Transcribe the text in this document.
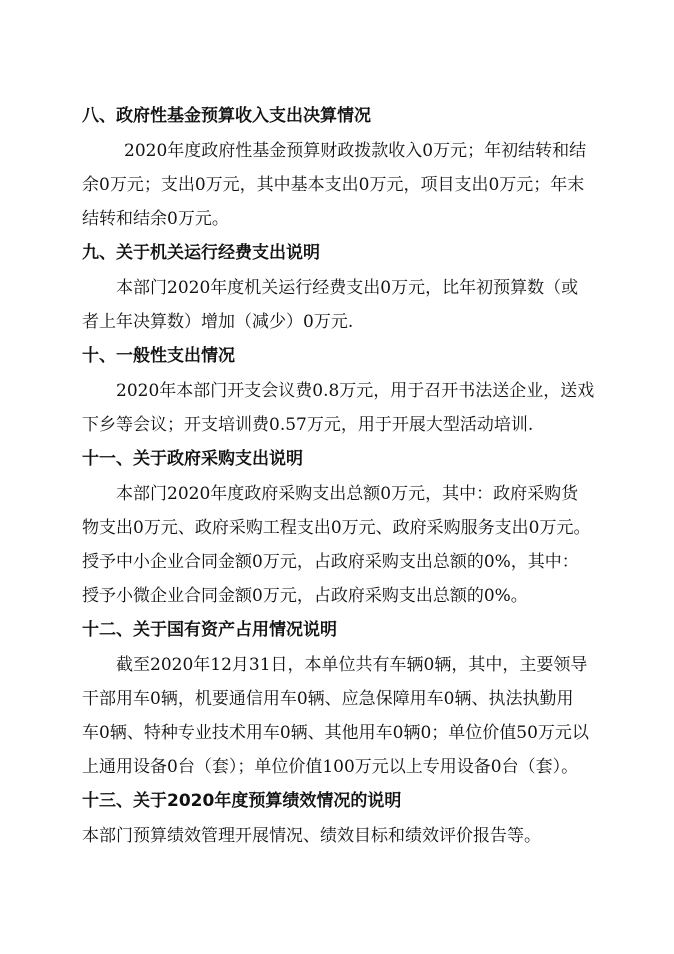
八、政府性基金预算收入支出决算情况
2020年度政府性基金预算财政拨款收入0万元；年初结转和结
余0万元；支出0万元，其中基本支出0万元，项目支出0万元；年末
结转和结余0万元。
九、关于机关运行经费支出说明
本部门2020年度机关运行经费支出0万元，比年初预算数（或
者上年决算数）增加（减少）0万元.
十、一般性支出情况
2020年本部门开支会议费0.8万元，用于召开书法送企业，送戏
下乡等会议；开支培训费0.57万元，用于开展大型活动培训.
十一、关于政府采购支出说明
本部门2020年度政府采购支出总额0万元，其中：政府采购货
物支出0万元、政府采购工程支出0万元、政府采购服务支出0万元。
授予中小企业合同金额0万元，占政府采购支出总额的0%，其中：
授予小微企业合同金额0万元，占政府采购支出总额的0%。
十二、关于国有资产占用情况说明
截至2020年12月31日，本单位共有车辆0辆，其中，主要领导
干部用车0辆，机要通信用车0辆、应急保障用车0辆、执法执勤用
车0辆、特种专业技术用车0辆、其他用车0辆0；单位价值50万元以
上通用设备0台（套）；单位价值100万元以上专用设备0台（套）。
十三、关于2020年度预算绩效情况的说明
本部门预算绩效管理开展情况、绩效目标和绩效评价报告等。
